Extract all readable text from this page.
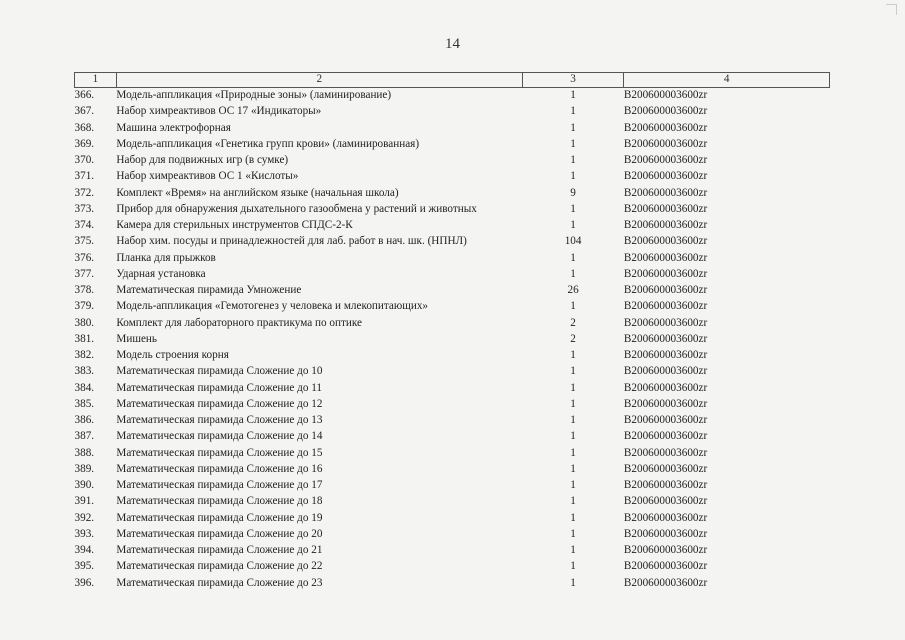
14
1	2	3	4
366.	Модель-аппликация «Природные зоны» (ламинирование)	1	B200600003600zr
367.	Набор химреактивов ОС 17 «Индикаторы»	1	B200600003600zr
368.	Машина электрофорная	1	B200600003600zr
369.	Модель-аппликация «Генетика групп крови» (ламинированная)	1	B200600003600zr
370.	Набор для подвижных игр (в сумке)	1	B200600003600zr
371.	Набор химреактивов ОС 1 «Кислоты»	1	B200600003600zr
372.	Комплект «Время» на английском языке (начальная школа)	9	B200600003600zr
373.	Прибор для обнаружения дыхательного газообмена у растений и животных	1	B200600003600zr
374.	Камера для стерильных инструментов СПДС-2-К	1	B200600003600zr
375.	Набор хим. посуды и принадлежностей для лаб. работ в нач. шк. (НПНЛ)	104	B200600003600zr
376.	Планка для прыжков	1	B200600003600zr
377.	Ударная установка	1	B200600003600zr
378.	Математическая пирамида Умножение	26	B200600003600zr
379.	Модель-аппликация «Гемотогенез у человека и млекопитающих»	1	B200600003600zr
380.	Комплект для лабораторного практикума по оптике	2	B200600003600zr
381.	Мишень	2	B200600003600zr
382.	Модель строения корня	1	B200600003600zr
383.	Математическая пирамида Сложение до 10	1	B200600003600zr
384.	Математическая пирамида Сложение до 11	1	B200600003600zr
385.	Математическая пирамида Сложение до 12	1	B200600003600zr
386.	Математическая пирамида Сложение до 13	1	B200600003600zr
387.	Математическая пирамида Сложение до 14	1	B200600003600zr
388.	Математическая пирамида Сложение до 15	1	B200600003600zr
389.	Математическая пирамида Сложение до 16	1	B200600003600zr
390.	Математическая пирамида Сложение до 17	1	B200600003600zr
391.	Математическая пирамида Сложение до 18	1	B200600003600zr
392.	Математическая пирамида Сложение до 19	1	B200600003600zr
393.	Математическая пирамида Сложение до 20	1	B200600003600zr
394.	Математическая пирамида Сложение до 21	1	B200600003600zr
395.	Математическая пирамида Сложение до 22	1	B200600003600zr
396.	Математическая пирамида Сложение до 23	1	B200600003600zr
